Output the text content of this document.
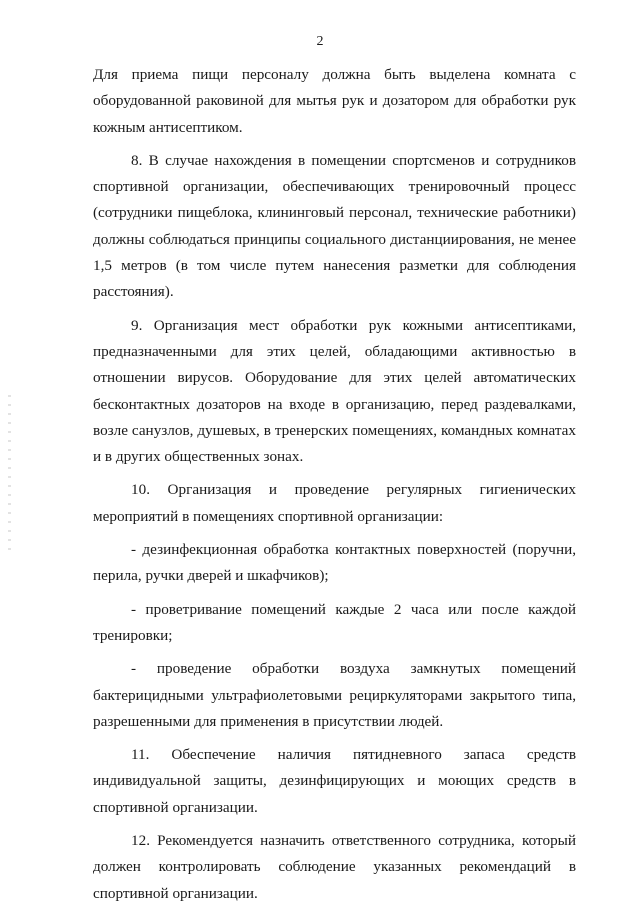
2

Для приема пищи персоналу должна быть выделена комната с оборудованной раковиной для мытья рук и дозатором для обработки рук кожным антисептиком.

8. В случае нахождения в помещении спортсменов и сотрудников спортивной организации, обеспечивающих тренировочный процесс (сотрудники пищеблока, клининговый персонал, технические работники) должны соблюдаться принципы социального дистанциирования, не менее 1,5 метров (в том числе путем нанесения разметки для соблюдения расстояния).

9. Организация мест обработки рук кожными антисептиками, предназначенными для этих целей, обладающими активностью в отношении вирусов. Оборудование для этих целей автоматических бесконтактных дозаторов на входе в организацию, перед раздевалками, возле санузлов, душевых, в тренерских помещениях, командных комнатах и в других общественных зонах.

10. Организация и проведение регулярных гигиенических мероприятий в помещениях спортивной организации:

- дезинфекционная обработка контактных поверхностей (поручни, перила, ручки дверей и шкафчиков);

- проветривание помещений каждые 2 часа или после каждой тренировки;

- проведение обработки воздуха замкнутых помещений бактерицидными ультрафиолетовыми рециркуляторами закрытого типа, разрешенными для применения в присутствии людей.

11. Обеспечение наличия пятидневного запаса средств индивидуальной защиты, дезинфицирующих и моющих средств в спортивной организации.

12. Рекомендуется назначить ответственного сотрудника, который должен контролировать соблюдение указанных рекомендаций в спортивной организации.
